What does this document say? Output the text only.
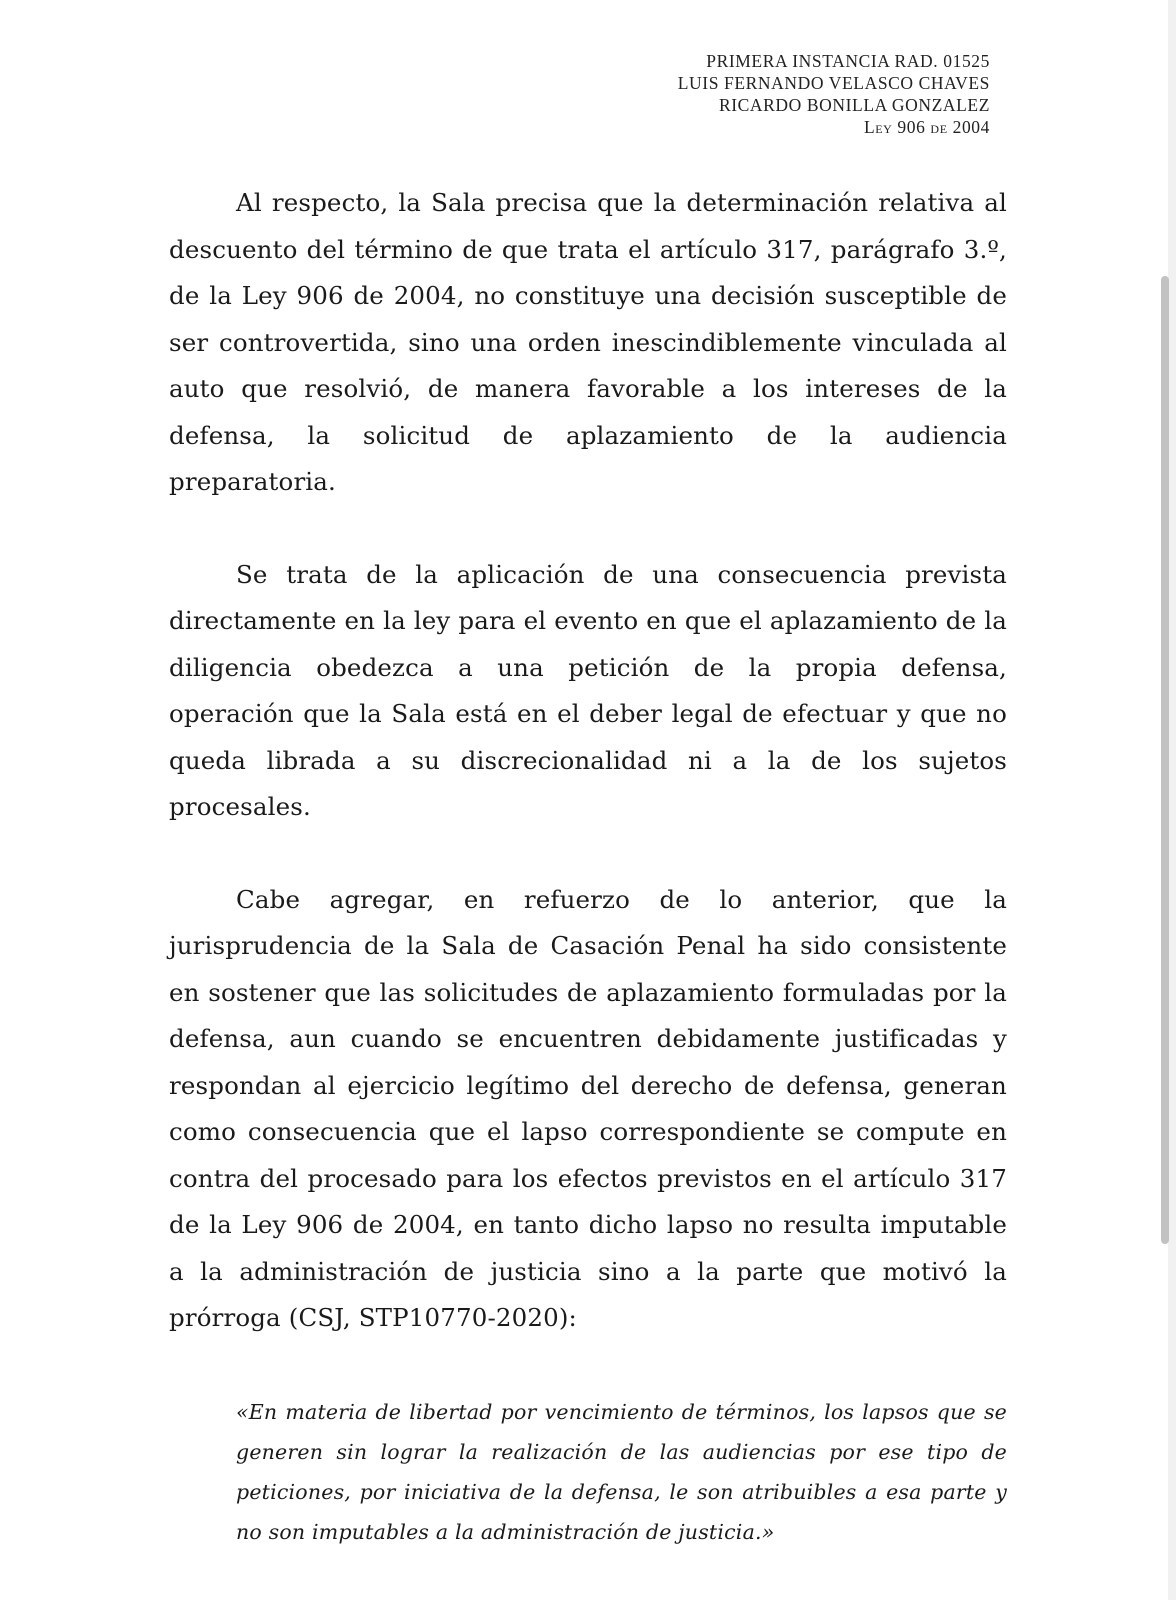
PRIMERA INSTANCIA RAD. 01525
LUIS FERNANDO VELASCO CHAVES
RICARDO BONILLA GONZALEZ
Ley 906 de 2004

Al respecto, la Sala precisa que la determinación relativa al descuento del término de que trata el artículo 317, parágrafo 3.º, de la Ley 906 de 2004, no constituye una decisión susceptible de ser controvertida, sino una orden inescindiblemente vinculada al auto que resolvió, de manera favorable a los intereses de la defensa, la solicitud de aplazamiento de la audiencia preparatoria.

Se trata de la aplicación de una consecuencia prevista directamente en la ley para el evento en que el aplazamiento de la diligencia obedezca a una petición de la propia defensa, operación que la Sala está en el deber legal de efectuar y que no queda librada a su discrecionalidad ni a la de los sujetos procesales.

Cabe agregar, en refuerzo de lo anterior, que la jurisprudencia de la Sala de Casación Penal ha sido consistente en sostener que las solicitudes de aplazamiento formuladas por la defensa, aun cuando se encuentren debidamente justificadas y respondan al ejercicio legítimo del derecho de defensa, generan como consecuencia que el lapso correspondiente se compute en contra del procesado para los efectos previstos en el artículo 317 de la Ley 906 de 2004, en tanto dicho lapso no resulta imputable a la administración de justicia sino a la parte que motivó la prórroga (CSJ, STP10770-2020):

«En materia de libertad por vencimiento de términos, los lapsos que se generen sin lograr la realización de las audiencias por ese tipo de peticiones, por iniciativa de la defensa, le son atribuibles a esa parte y no son imputables a la administración de justicia.»
